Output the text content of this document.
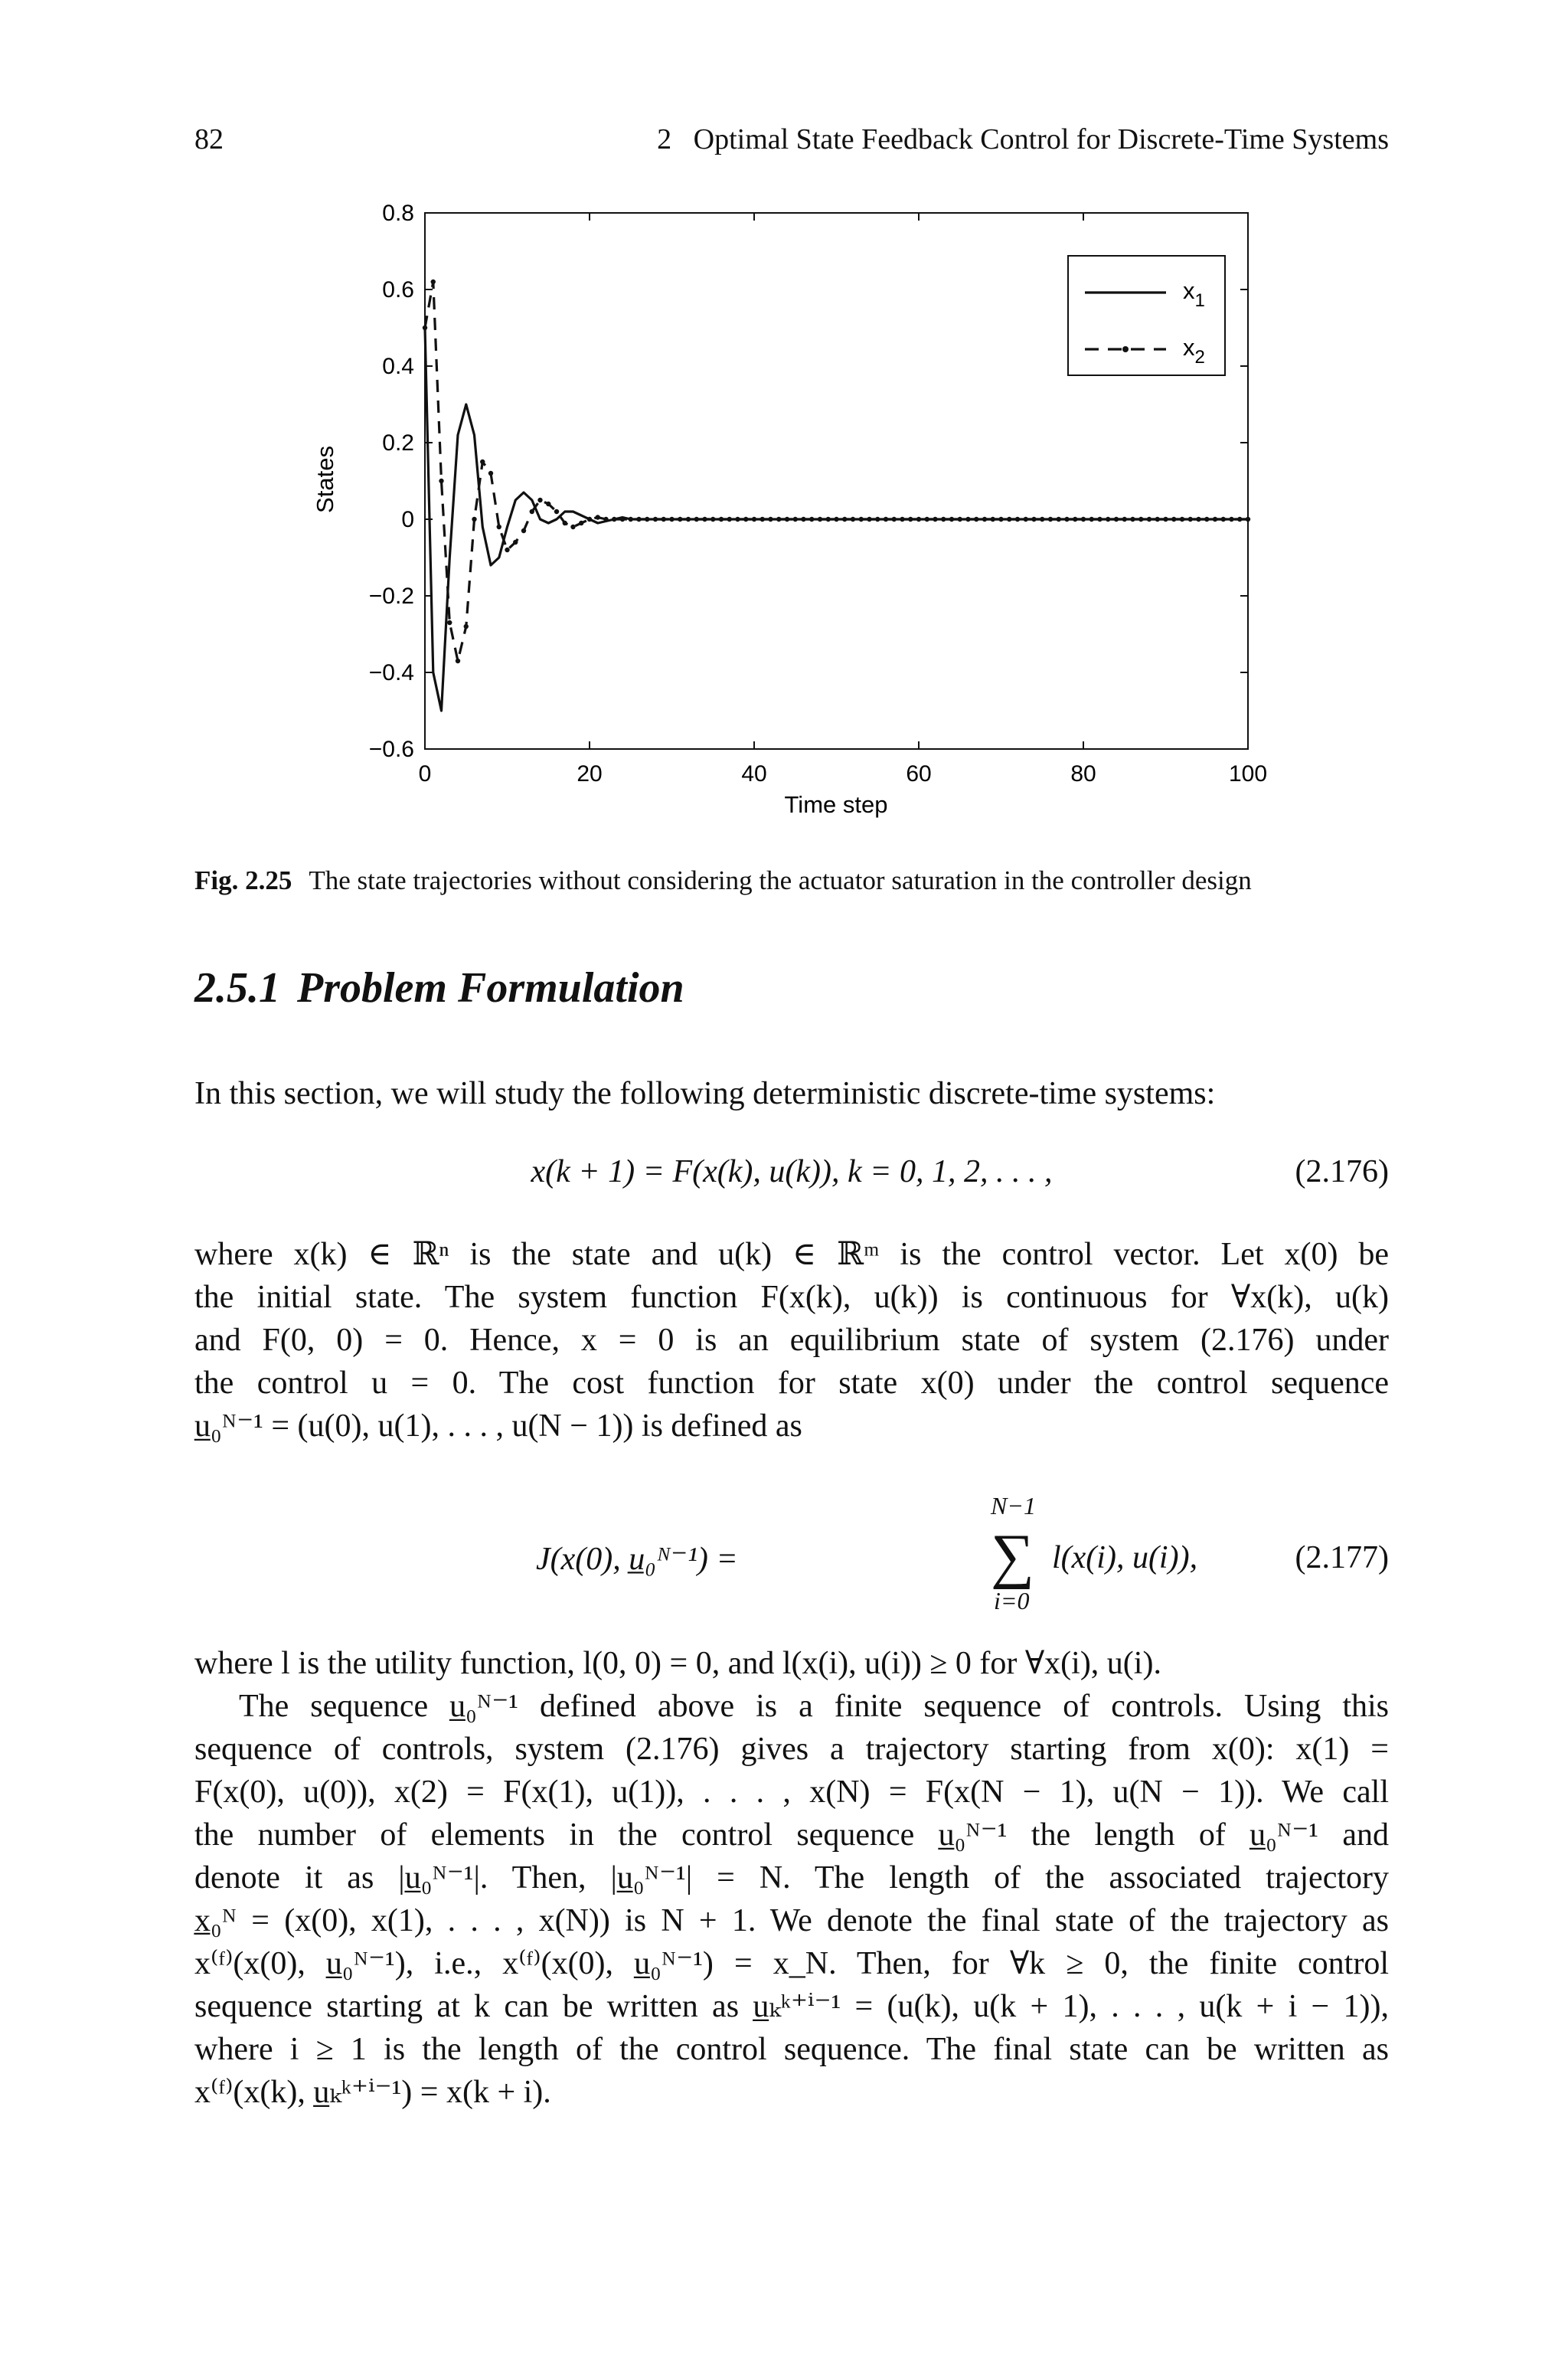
82	2   Optimal State Feedback Control for Discrete-Time Systems
0	20	40	60	80	100
−0.6
−0.4
−0.2
0
0.2
0.4
0.6
0.8
Time step
States
$x_1$
$x_2$
Fig. 2.25 The state trajectories without considering the actuator saturation in the controller design
2.5.1 Problem Formulation
In this section, we will study the following deterministic discrete-time systems:
x(k + 1) = F(x(k), u(k)), k = 0, 1, 2, . . . ,	(2.176)
where x(k) ∈ ℝⁿ is the state and u(k) ∈ ℝᵐ is the control vector. Let x(0) be
the initial state. The system function F(x(k), u(k)) is continuous for ∀x(k), u(k)
and F(0, 0) = 0. Hence, x = 0 is an equilibrium state of system (2.176) under
the control u = 0. The cost function for state x(0) under the control sequence
u̲₀ᴺ⁻¹ = (u(0), u(1), . . . , u(N − 1)) is defined as
J(x(0), u̲₀ᴺ⁻¹) =
N−1
∑
i=0
l(x(i), u(i)),	(2.177)
where l is the utility function, l(0, 0) = 0, and l(x(i), u(i)) ≥ 0 for ∀x(i), u(i).
The sequence u̲₀ᴺ⁻¹ defined above is a finite sequence of controls. Using this
sequence of controls, system (2.176) gives a trajectory starting from x(0): x(1) =
F(x(0), u(0)), x(2) = F(x(1), u(1)), . . . , x(N) = F(x(N − 1), u(N − 1)). We call
the number of elements in the control sequence u̲₀ᴺ⁻¹ the length of u̲₀ᴺ⁻¹ and
denote it as |u̲₀ᴺ⁻¹|. Then, |u̲₀ᴺ⁻¹| = N. The length of the associated trajectory
x̲₀ᴺ = (x(0), x(1), . . . , x(N)) is N + 1. We denote the final state of the trajectory as
x⁽ᶠ⁾(x(0), u̲₀ᴺ⁻¹), i.e., x⁽ᶠ⁾(x(0), u̲₀ᴺ⁻¹) = x_N. Then, for ∀k ≥ 0, the finite control
sequence starting at k can be written as u̲ₖᵏ⁺ⁱ⁻¹ = (u(k), u(k + 1), . . . , u(k + i − 1)),
where i ≥ 1 is the length of the control sequence. The final state can be written as
x⁽ᶠ⁾(x(k), u̲ₖᵏ⁺ⁱ⁻¹) = x(k + i).
